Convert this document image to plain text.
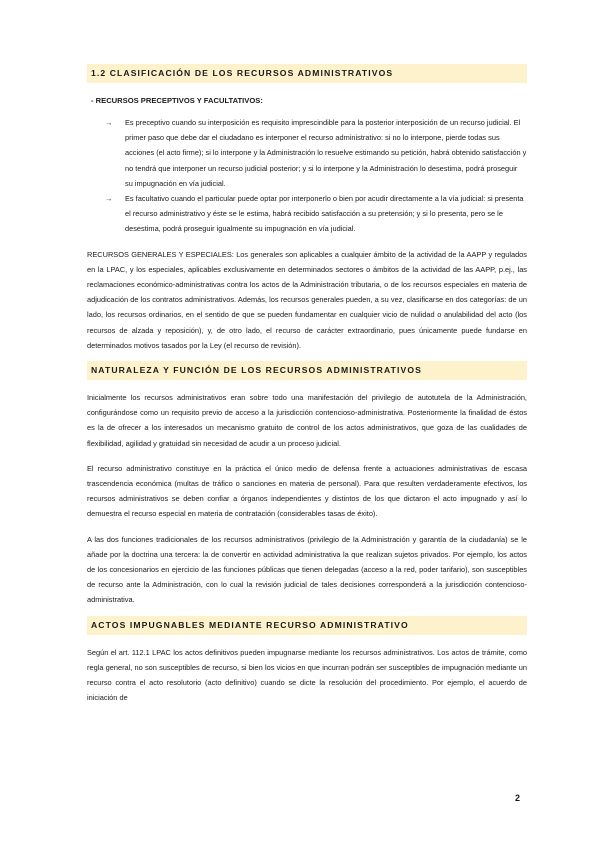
1.2 CLASIFICACIÓN DE LOS RECURSOS ADMINISTRATIVOS
- RECURSOS PRECEPTIVOS Y FACULTATIVOS:
→ Es preceptivo cuando su interposición es requisito imprescindible para la posterior interposición de un recurso judicial. El primer paso que debe dar el ciudadano es interponer el recurso administrativo: si no lo interpone, pierde todas sus acciones (el acto firme); si lo interpone y la Administración lo resuelve estimando su petición, habrá obtenido satisfacción y no tendrá que interponer un recurso judicial posterior; y si lo interpone y la Administración lo desestima, podrá proseguir su impugnación en vía judicial.
→ Es facultativo cuando el particular puede optar por interponerlo o bien por acudir directamente a la vía judicial: si presenta el recurso administrativo y éste se le estima, habrá recibido satisfacción a su pretensión; y si lo presenta, pero se le desestima, podrá proseguir igualmente su impugnación en vía judicial.

RECURSOS GENERALES Y ESPECIALES: Los generales son aplicables a cualquier ámbito de la actividad de la AAPP y regulados en la LPAC, y los especiales, aplicables exclusivamente en determinados sectores o ámbitos de la actividad de las AAPP, p.ej., las reclamaciones económico-administrativas contra los actos de la Administración tributaria, o de los recursos especiales en materia de adjudicación de los contratos administrativos. Además, los recursos generales pueden, a su vez, clasificarse en dos categorías: de un lado, los recursos ordinarios, en el sentido de que se pueden fundamentar en cualquier vicio de nulidad o anulabilidad del acto (los recursos de alzada y reposición), y, de otro lado, el recurso de carácter extraordinario, pues únicamente puede fundarse en determinados motivos tasados por la Ley (el recurso de revisión).

NATURALEZA Y FUNCIÓN DE LOS RECURSOS ADMINISTRATIVOS

Inicialmente los recursos administrativos eran sobre todo una manifestación del privilegio de autotutela de la Administración, configurándose como un requisito previo de acceso a la jurisdicción contencioso-administrativa. Posteriormente la finalidad de éstos es la de ofrecer a los interesados un mecanismo gratuito de control de los actos administrativos, que goza de las cualidades de flexibilidad, agilidad y gratuidad sin necesidad de acudir a un proceso judicial.

El recurso administrativo constituye en la práctica el único medio de defensa frente a actuaciones administrativas de escasa trascendencia económica (multas de tráfico o sanciones en materia de personal). Para que resulten verdaderamente efectivos, los recursos administrativos se deben confiar a órganos independientes y distintos de los que dictaron el acto impugnado y así lo demuestra el recurso especial en materia de contratación (considerables tasas de éxito).

A las dos funciones tradicionales de los recursos administrativos (privilegio de la Administración y garantía de la ciudadanía) se le añade por la doctrina una tercera: la de convertir en actividad administrativa la que realizan sujetos privados. Por ejemplo, los actos de los concesionarios en ejercicio de las funciones públicas que tienen delegadas (acceso a la red, poder tarifario), son susceptibles de recurso ante la Administración, con lo cual la revisión judicial de tales decisiones corresponderá a la jurisdicción contencioso-administrativa.

ACTOS IMPUGNABLES MEDIANTE RECURSO ADMINISTRATIVO

Según el art. 112.1 LPAC los actos definitivos pueden impugnarse mediante los recursos administrativos. Los actos de trámite, como regla general, no son susceptibles de recurso, si bien los vicios en que incurran podrán ser susceptibles de impugnación mediante un recurso contra el acto resolutorio (acto definitivo) cuando se dicte la resolución del procedimiento. Por ejemplo, el acuerdo de iniciación de

2
